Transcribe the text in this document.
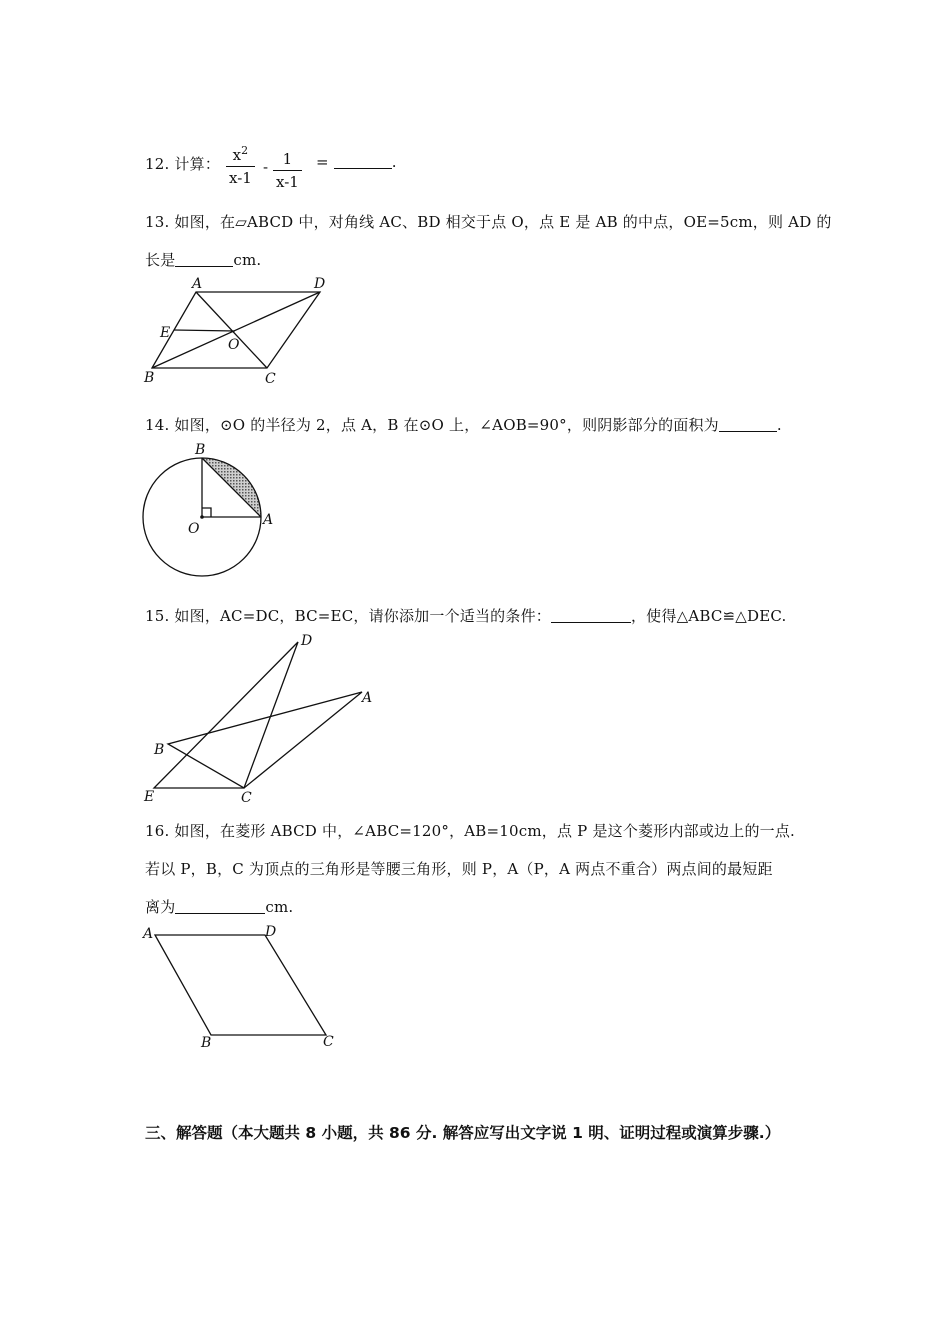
12. 计算： $\frac{x^2}{x-1} - \frac{1}{x-1}$ =	.
13. 如图，在▱ABCD 中，对角线 AC、BD 相交于点 O，点 E 是 AB 的中点，OE=5cm，则 AD 的
长是	cm.
A	D
E
O
B	C
14. 如图，⊙O 的半径为 2，点 A，B 在⊙O 上，∠AOB=90°，则阴影部分的面积为	.
B
O
A
15. 如图，AC=DC，BC=EC，请你添加一个适当的条件：	，使得△ABC≌△DEC.
D
A
B
E	C
16. 如图，在菱形 ABCD 中，∠ABC=120°，AB=10cm，点 P 是这个菱形内部或边上的一点.
若以 P，B，C 为顶点的三角形是等腰三角形，则 P，A（P，A 两点不重合）两点间的最短距
离为	cm.
A	D
B	C
三、解答题（本大题共 8 小题，共 86 分. 解答应写出文字说 1 明、证明过程或演算步骤.）
